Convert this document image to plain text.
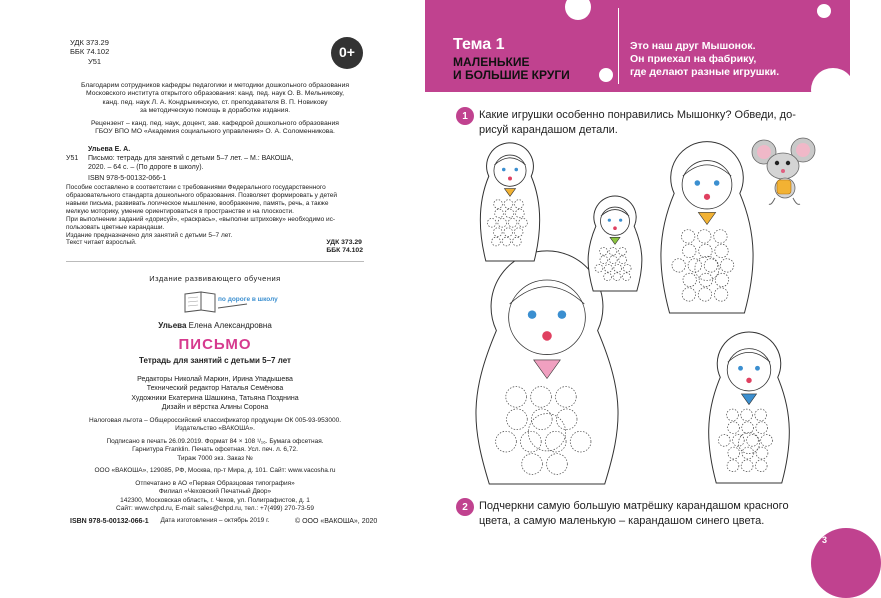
УДК 373.29
ББК 74.102
У51
0+
Благодарим сотрудников кафедры педагогики и методики дошкольного образования
Московского института открытого образования: канд. пед. наук О. В. Мельникову,
канд. пед. наук Л. А. Кондрыкинскую, ст. преподавателя В. П. Новикову
за методическую помощь в доработке издания.
Рецензент – канд. пед. наук, доцент, зав. кафедрой дошкольного образования
ГБОУ ВПО МО «Академия социального управления» О. А. Соломенникова.
Ульева Е. А.
У51	Письмо: тетрадь для занятий с детьми 5–7 лет. – М.: ВАКОША,
2020. – 64 с. – (По дороге в школу).
ISBN 978-5-00132-066-1
Пособие составлено в соответствии с требованиями Федерального государственного
образовательного стандарта дошкольного образования. Позволяет формировать у детей
навыки письма, развивать логическое мышление, воображение, память, речь, а также
мелкую моторику, умение ориентироваться в пространстве и на плоскости.
При выполнении заданий «дорисуй», «раскрась», «выполни штриховку» необходимо ис-
пользовать цветные карандаши.
Издание предназначено для занятий с детьми 5–7 лет.
Текст читает взрослый.	УДК 373.29
ББК 74.102
Издание развивающего обучения
по дороге в школу
Ульева Елена Александровна
ПИСЬМО
Тетрадь для занятий с детьми 5–7 лет
Редакторы Николай Маркин, Ирина Упадышева
Технический редактор Наталья Семёнова
Художники Екатерина Шашкина, Татьяна Позднина
Дизайн и вёрстка Алины Сорона
Налоговая льгота – Общероссийский классификатор продукции ОК 005-93-953000.
Издательство «ВАКОША».
Подписано в печать 26.09.2019. Формат 84 × 108 ¹/₁₆. Бумага офсетная.
Гарнитура Franklin. Печать офсетная. Усл. печ. л. 6,72.
Тираж 7000 экз. Заказ №
ООО «ВАКОША», 129085, РФ, Москва, пр-т Мира, д. 101. Сайт: www.vacosha.ru
Отпечатано в АО «Первая Образцовая типография»
Филиал «Чеховский Печатный Двор»
142300, Московская область, г. Чехов, ул. Полиграфистов, д. 1
Сайт: www.chpd.ru, E-mail: sales@chpd.ru, тел.: +7(499) 270-73-59
Дата изготовления – октябрь 2019 г.
ISBN 978-5-00132-066-1	© ООО «ВАКОША», 2020
Тема 1
МАЛЕНЬКИЕ
И БОЛЬШИЕ КРУГИ
Это наш друг Мышонок.
Он приехал на фабрику,
где делают разные игрушки.
1	Какие игрушки особенно понравились Мышонку? Обведи, до-
рисуй карандашом детали.
2	Подчеркни самую большую матрёшку карандашом красного
цвета, а самую маленькую – карандашом синего цвета.
3
